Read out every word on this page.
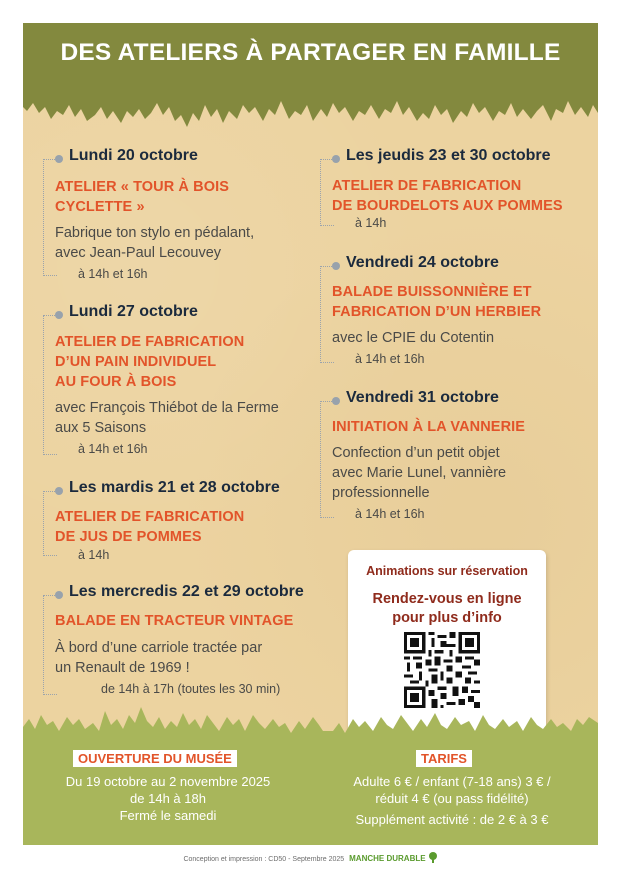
DES ATELIERS À PARTAGER EN FAMILLE
Lundi 20 octobre
ATELIER « TOUR À BOIS
CYCLETTE »
Fabrique ton stylo en pédalant,
avec Jean-Paul Lecouvey
à 14h et 16h
Lundi 27 octobre
ATELIER DE FABRICATION
D’UN PAIN INDIVIDUEL
AU FOUR À BOIS
avec François Thiébot de la Ferme
aux 5 Saisons
à 14h et 16h
Les mardis 21 et 28 octobre
ATELIER DE FABRICATION
DE JUS DE POMMES
à 14h
Les mercredis 22 et 29 octobre
BALADE EN TRACTEUR VINTAGE
À bord d’une carriole tractée par
un Renault de 1969 !
de 14h à 17h (toutes les 30 min)
Les jeudis 23 et 30 octobre
ATELIER DE FABRICATION
DE BOURDELOTS AUX POMMES
à 14h
Vendredi 24 octobre
BALADE BUISSONNIÈRE ET
FABRICATION D’UN HERBIER
avec le CPIE du Cotentin
à 14h et 16h
Vendredi 31 octobre
INITIATION À LA VANNERIE
Confection d’un petit objet
avec Marie Lunel, vannière
professionnelle
à 14h et 16h
Animations sur réservation
Rendez-vous en ligne
pour plus d’info
OUVERTURE DU MUSÉE
Du 19 octobre au 2 novembre 2025
de 14h à 18h
Fermé le samedi
TARIFS
Adulte 6 € / enfant (7-18 ans) 3 € /
réduit 4 € (ou pass fidélité)
Supplément activité : de 2 € à 3 €
Conception et impression : CD50 - Septembre 2025 MANCHE DURABLE
